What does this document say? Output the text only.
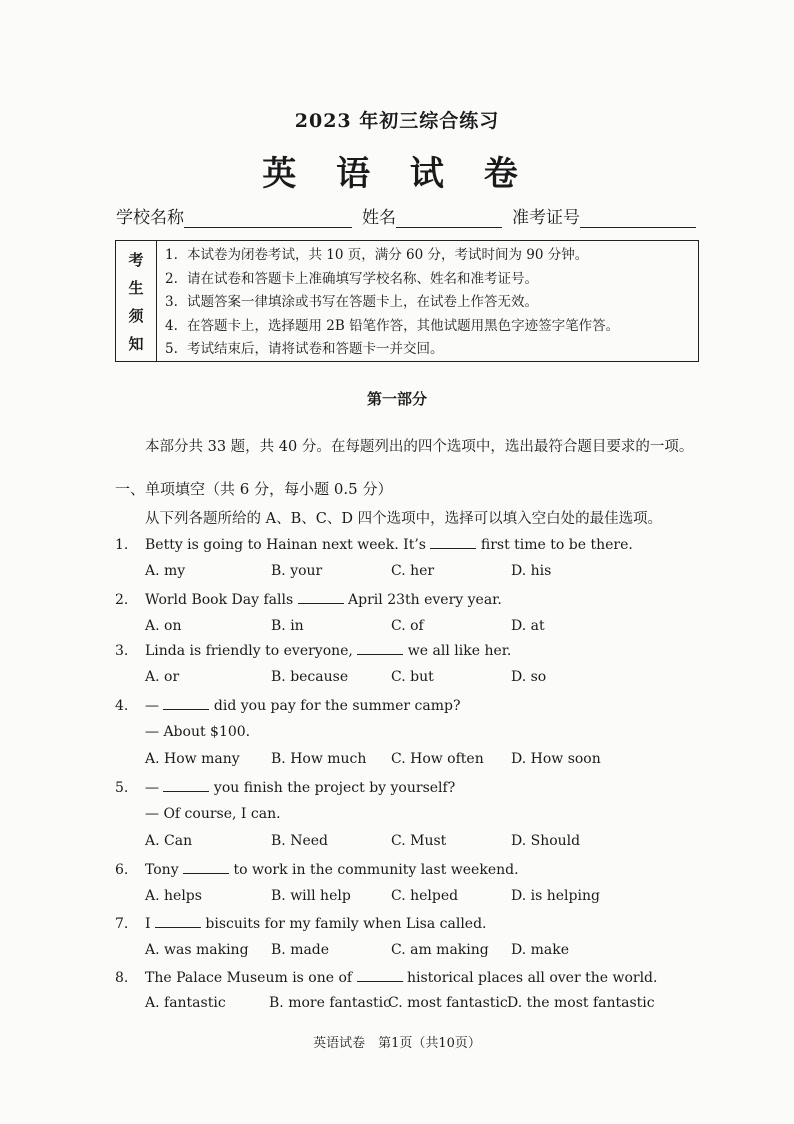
2023 年初三综合练习
英 语 试 卷
学校名称	姓名	准考证号
考
生
须
知
1. 本试卷为闭卷考试，共 10 页，满分 60 分，考试时间为 90 分钟。
2. 请在试卷和答题卡上准确填写学校名称、姓名和准考证号。
3. 试题答案一律填涂或书写在答题卡上，在试卷上作答无效。
4. 在答题卡上，选择题用 2B 铅笔作答，其他试题用黑色字迹签字笔作答。
5. 考试结束后，请将试卷和答题卡一并交回。
第一部分
本部分共 33 题，共 40 分。在每题列出的四个选项中，选出最符合题目要求的一项。
一、单项填空（共 6 分，每小题 0.5 分）
从下列各题所给的 A、B、C、D 四个选项中，选择可以填入空白处的最佳选项。
1. Betty is going to Hainan next week. It’s	first time to be there.
A. my	B. your	C. her	D. his
2. World Book Day falls	April 23th every year.
A. on	B. in	C. of	D. at
3. Linda is friendly to everyone,	we all like her.
A. or	B. because	C. but	D. so
4. —	did you pay for the summer camp?
— About $100.
A. How many B. How much C. How often D. How soon
5. —	you finish the project by yourself?
— Of course, I can.
A. Can	B. Need	C. Must	D. Should
6. Tony	to work in the community last weekend.
A. helps	B. will help	C. helped	D. is helping
7. I	biscuits for my family when Lisa called.
A. was making B. made	C. am making D. make
8. The Palace Museum is one of	historical places all over the world.
A. fantastic	B. more fantastic
C. most fantastic D. the most fantastic
英语试卷　第1页（共10页）
